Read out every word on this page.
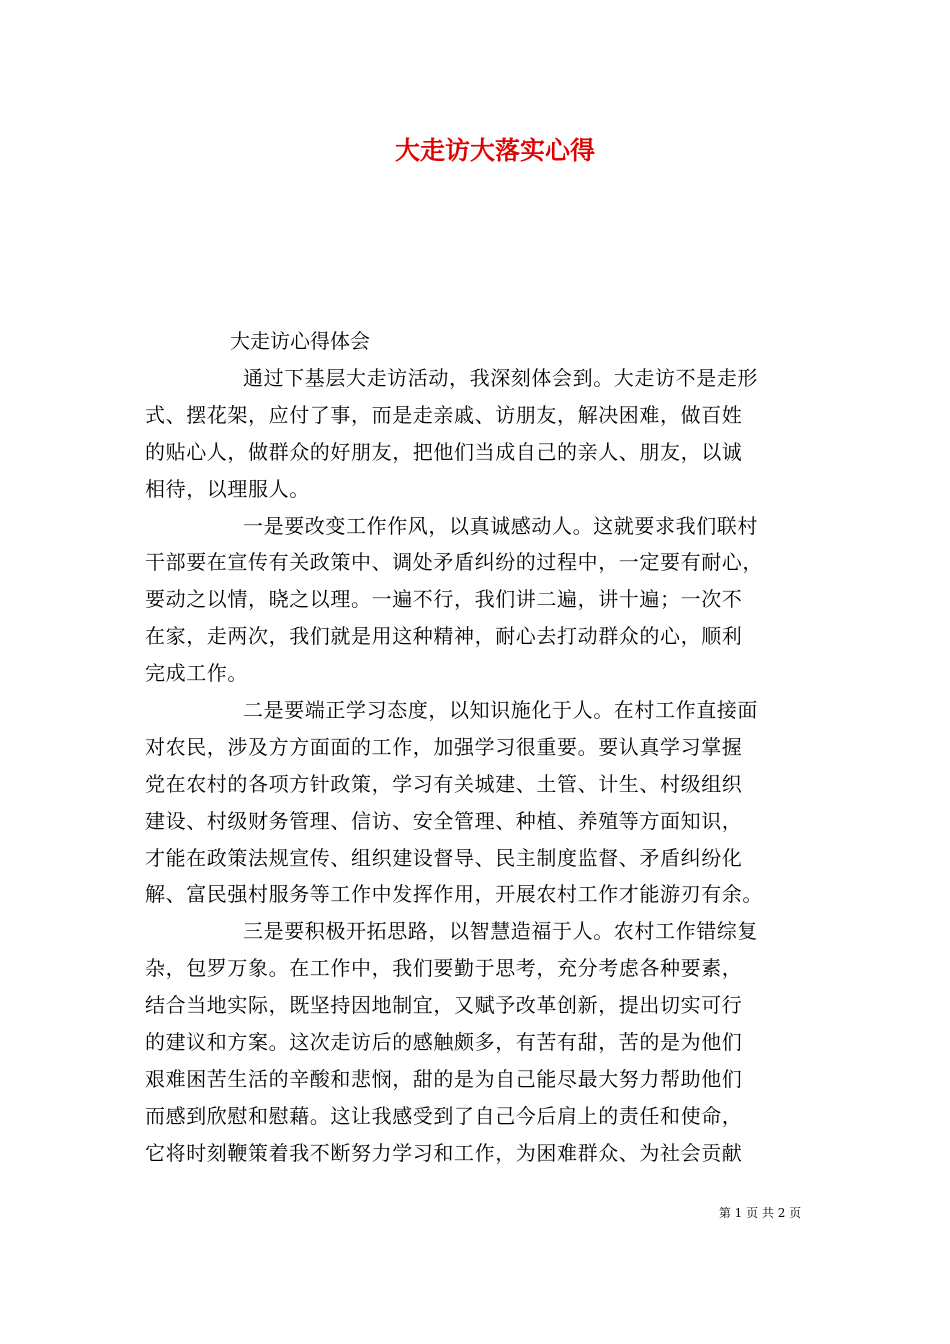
大走访大落实心得
大走访心得体会
通过下基层大走访活动，我深刻体会到。大走访不是走形
式、摆花架，应付了事，而是走亲戚、访朋友，解决困难，做百姓
的贴心人，做群众的好朋友，把他们当成自己的亲人、朋友，以诚
相待，以理服人。
一是要改变工作作风，以真诚感动人。这就要求我们联村
干部要在宣传有关政策中、调处矛盾纠纷的过程中，一定要有耐心，
要动之以情，晓之以理。一遍不行，我们讲二遍，讲十遍；一次不
在家，走两次，我们就是用这种精神，耐心去打动群众的心，顺利
完成工作。
二是要端正学习态度，以知识施化于人。在村工作直接面
对农民，涉及方方面面的工作，加强学习很重要。要认真学习掌握
党在农村的各项方针政策，学习有关城建、土管、计生、村级组织
建设、村级财务管理、信访、安全管理、种植、养殖等方面知识，
才能在政策法规宣传、组织建设督导、民主制度监督、矛盾纠纷化
解、富民强村服务等工作中发挥作用，开展农村工作才能游刃有余。
三是要积极开拓思路，以智慧造福于人。农村工作错综复
杂，包罗万象。在工作中，我们要勤于思考，充分考虑各种要素，
结合当地实际，既坚持因地制宜，又赋予改革创新，提出切实可行
的建议和方案。这次走访后的感触颇多，有苦有甜，苦的是为他们
艰难困苦生活的辛酸和悲悯，甜的是为自己能尽最大努力帮助他们
而感到欣慰和慰藉。这让我感受到了自己今后肩上的责任和使命，
它将时刻鞭策着我不断努力学习和工作，为困难群众、为社会贡献
第 1 页 共 2 页
